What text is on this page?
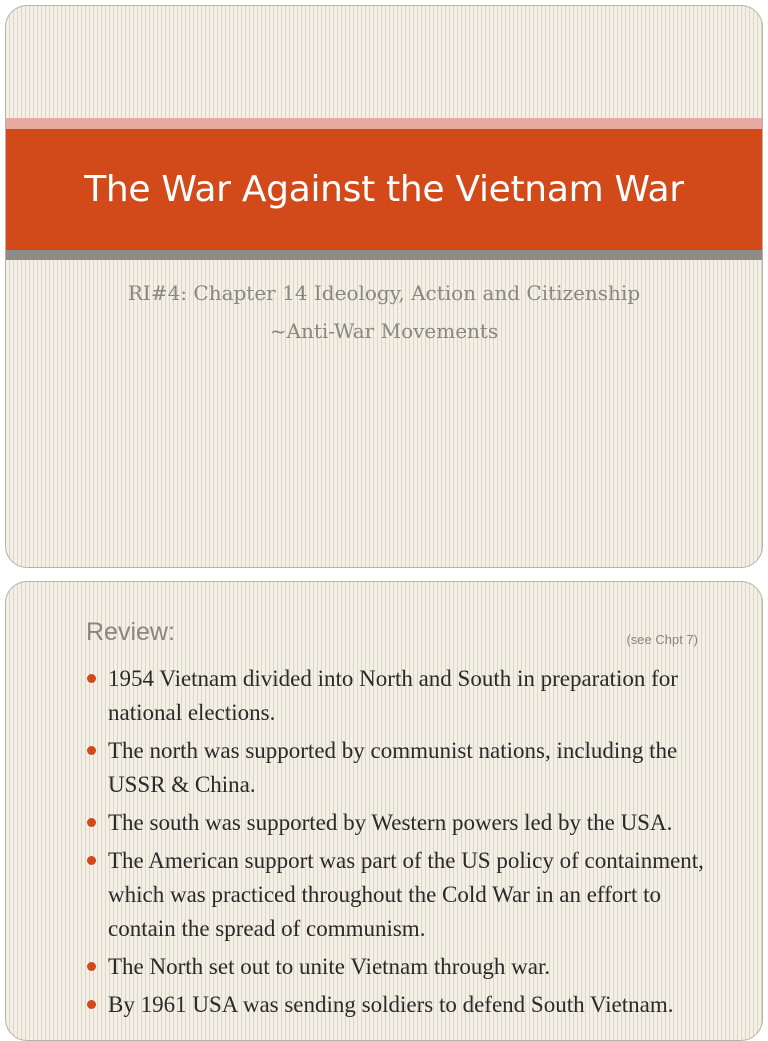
The War Against the Vietnam War
RI#4: Chapter 14 Ideology, Action and Citizenship
~Anti-War Movements
Review:	(see Chpt 7)
1954 Vietnam divided into North and South in preparation for national elections.
The north was supported by communist nations, including the USSR & China.
The south was supported by Western powers led by the USA.
The American support was part of the US policy of containment, which was practiced throughout the Cold War in an effort to contain the spread of communism.
The North set out to unite Vietnam through war.
By 1961 USA was sending soldiers to defend South Vietnam.
